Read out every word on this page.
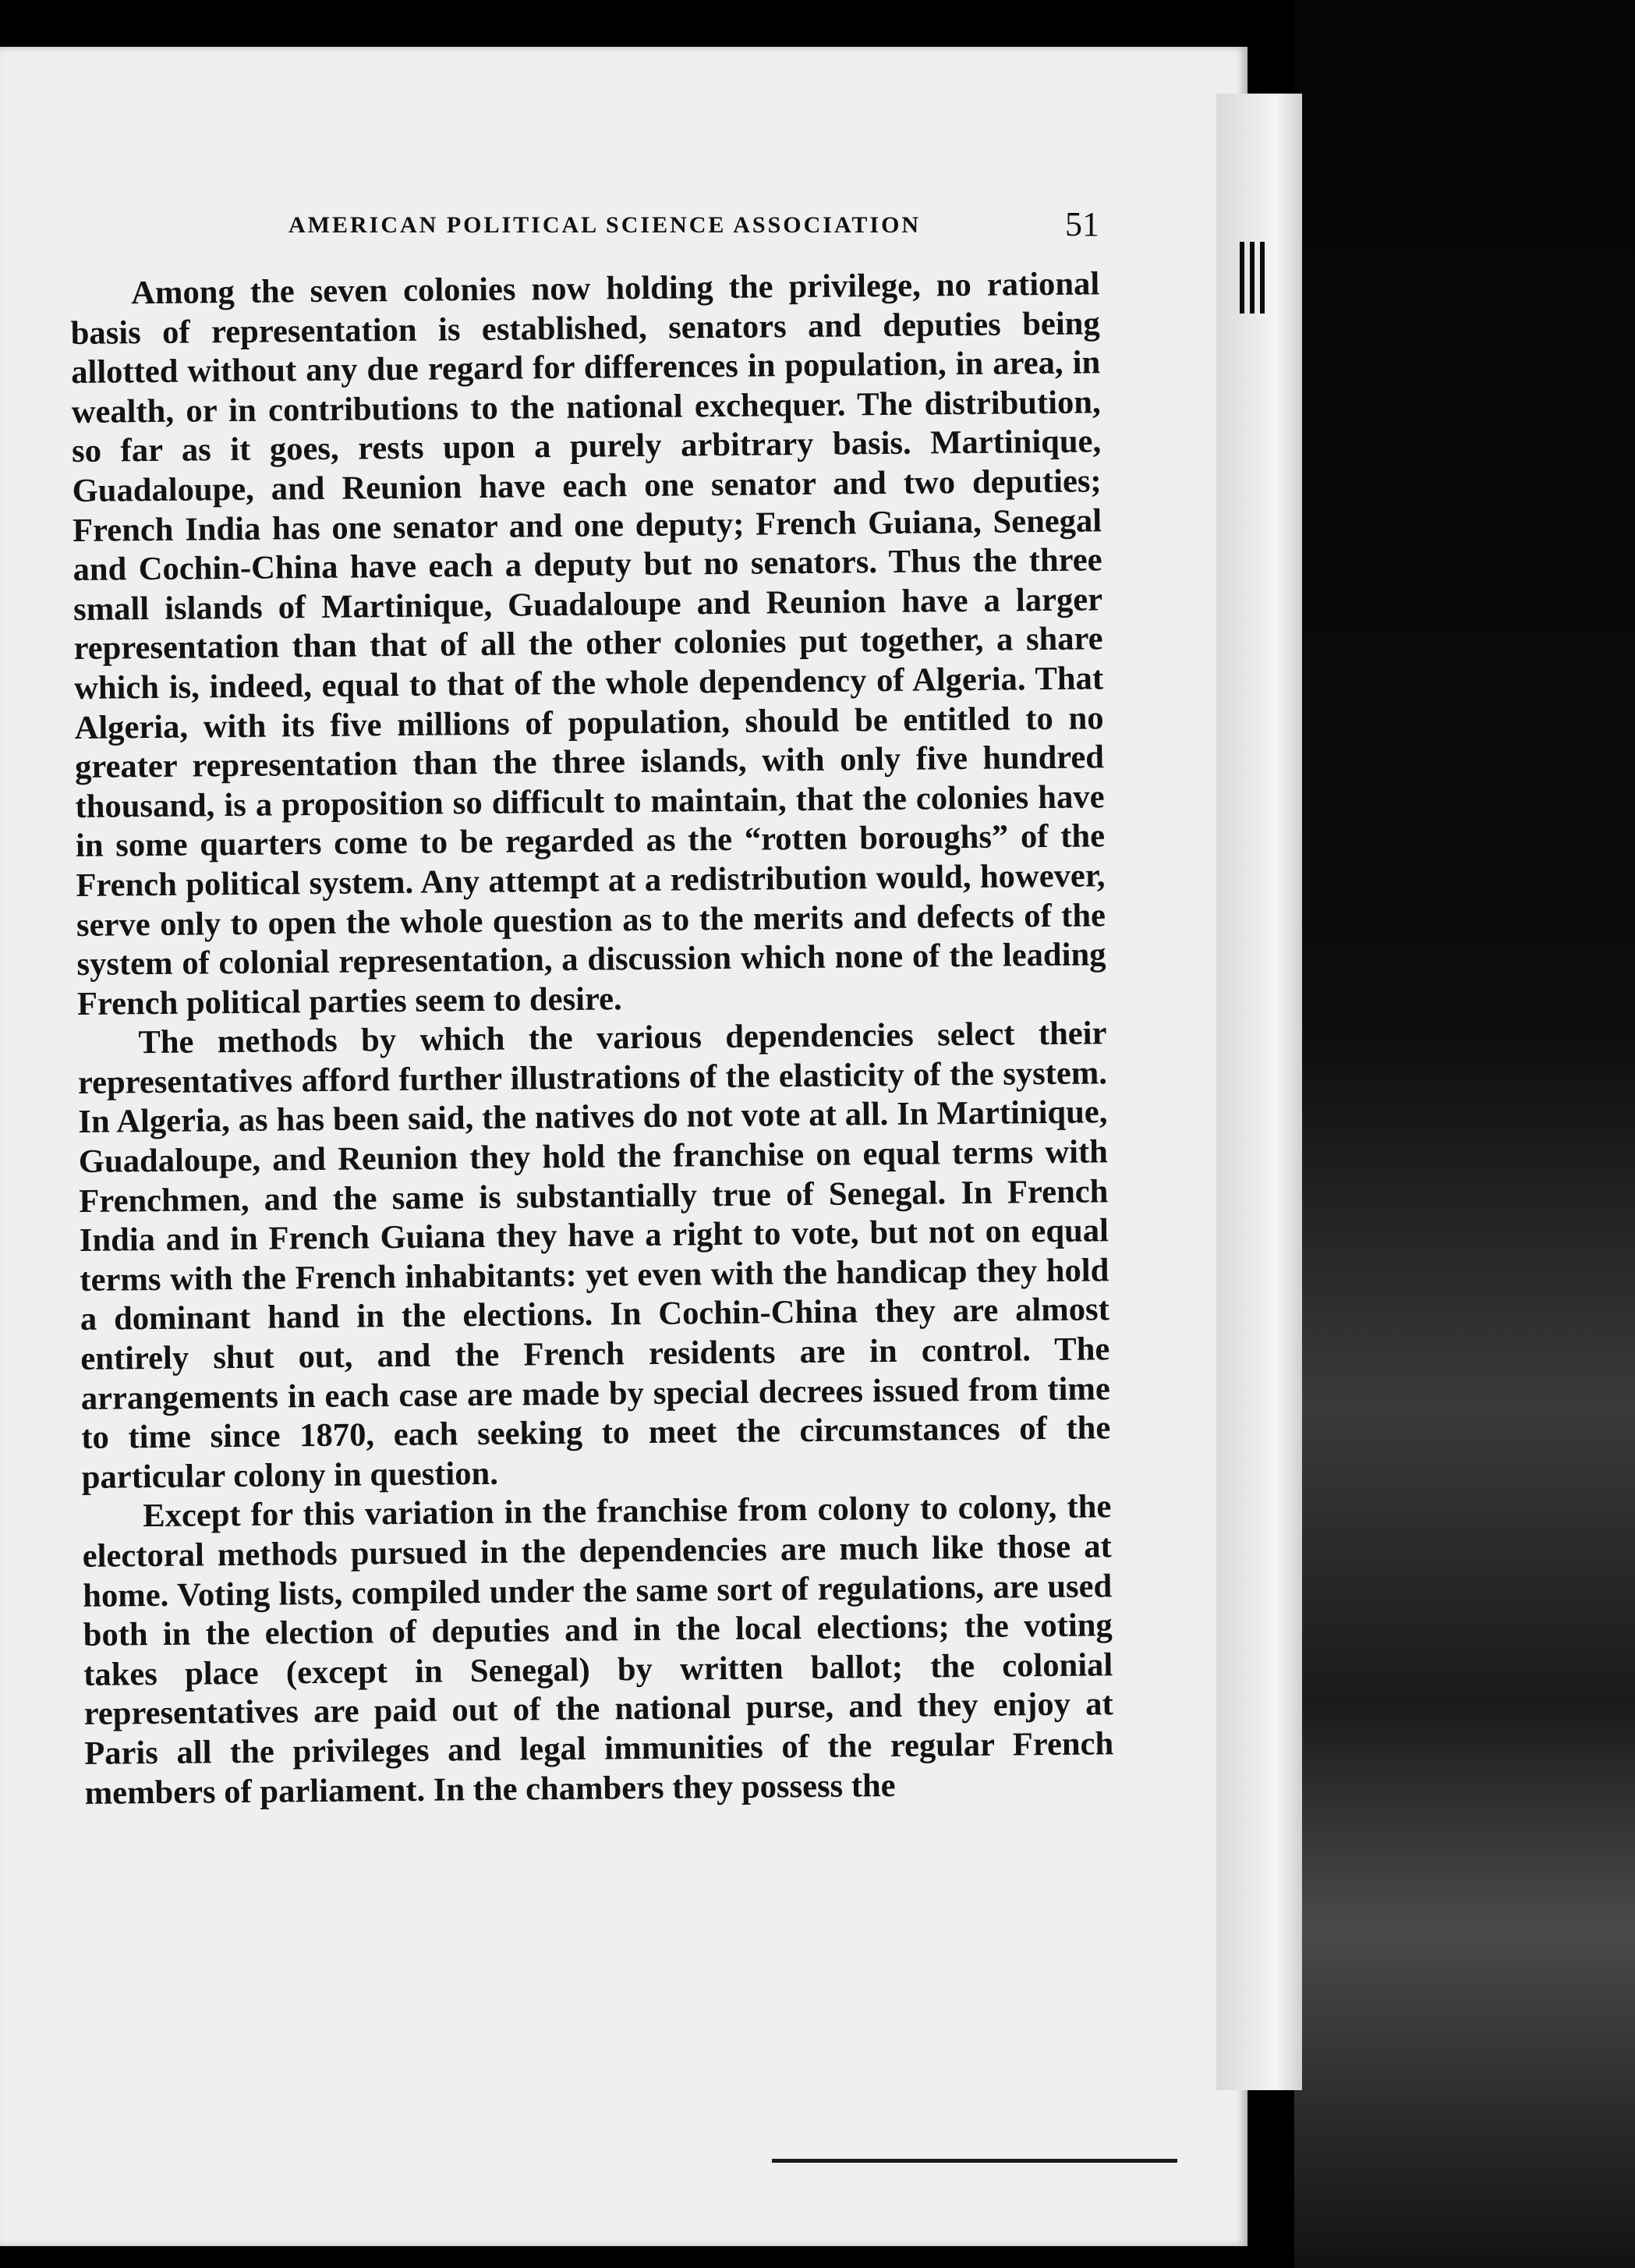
AMERICAN POLITICAL SCIENCE ASSOCIATION	51

Among the seven colonies now holding the privilege, no rational basis of representation is established, senators and deputies being allotted without any due regard for differences in population, in area, in wealth, or in contributions to the national exchequer. The distribution, so far as it goes, rests upon a purely arbitrary basis. Martinique, Guadaloupe, and Reunion have each one senator and two deputies; French India has one senator and one deputy; French Guiana, Senegal and Cochin-China have each a deputy but no senators. Thus the three small islands of Martinique, Guadaloupe and Reunion have a larger representation than that of all the other colonies put together, a share which is, indeed, equal to that of the whole dependency of Algeria. That Algeria, with its five millions of population, should be entitled to no greater representation than the three islands, with only five hundred thousand, is a proposition so difficult to maintain, that the colonies have in some quarters come to be regarded as the “rotten boroughs” of the French political system. Any attempt at a redistribution would, however, serve only to open the whole question as to the merits and defects of the system of colonial representation, a discussion which none of the leading French political parties seem to desire.

The methods by which the various dependencies select their representatives afford further illustrations of the elasticity of the system. In Algeria, as has been said, the natives do not vote at all. In Martinique, Guadaloupe, and Reunion they hold the franchise on equal terms with Frenchmen, and the same is substantially true of Senegal. In French India and in French Guiana they have a right to vote, but not on equal terms with the French inhabitants: yet even with the handicap they hold a dominant hand in the elections. In Cochin-China they are almost entirely shut out, and the French residents are in control. The arrangements in each case are made by special decrees issued from time to time since 1870, each seeking to meet the circumstances of the particular colony in question.

Except for this variation in the franchise from colony to colony, the electoral methods pursued in the dependencies are much like those at home. Voting lists, compiled under the same sort of regulations, are used both in the election of deputies and in the local elections; the voting takes place (except in Senegal) by written ballot; the colonial representatives are paid out of the national purse, and they enjoy at Paris all the privileges and legal immunities of the regular French members of parliament. In the chambers they possess the
